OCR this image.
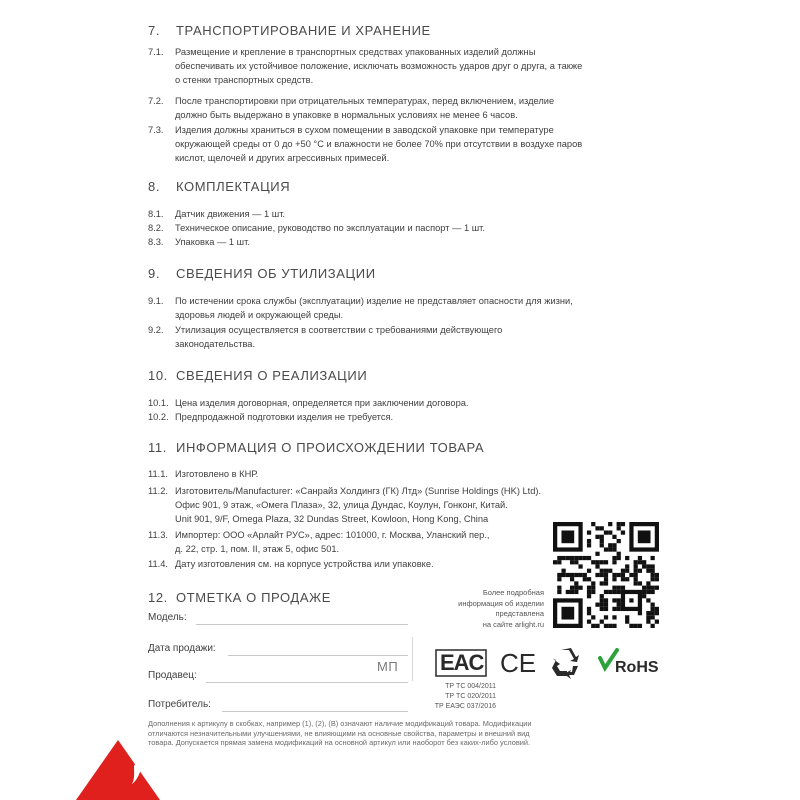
7. ТРАНСПОРТИРОВАНИЕ И ХРАНЕНИЕ
8. КОМПЛЕКТАЦИЯ
9. СВЕДЕНИЯ ОБ УТИЛИЗАЦИИ
10. СВЕДЕНИЯ О РЕАЛИЗАЦИИ
11. ИНФОРМАЦИЯ О ПРОИСХОЖДЕНИИ ТОВАРА
12. ОТМЕТКА О ПРОДАЖЕ
7.1. Размещение и крепление в транспортных средствах упакованных изделий должны
обеспечивать их устойчивое положение, исключать возможность ударов друг о друга, а также
о стенки транспортных средств.
7.2. После транспортировки при отрицательных температурах, перед включением, изделие
должно быть выдержано в упаковке в нормальных условиях не менее 6 часов.
7.3. Изделия должны храниться в сухом помещении в заводской упаковке при температуре
окружающей среды от 0 до +50 °C и влажности не более 70% при отсутствии в воздухе паров
кислот, щелочей и других агрессивных примесей.
8.1. Датчик движения — 1 шт.
8.2. Техническое описание, руководство по эксплуатации и паспорт — 1 шт.
8.3. Упаковка — 1 шт.
9.1. По истечении срока службы (эксплуатации) изделие не представляет опасности для жизни,
здоровья людей и окружающей среды.
9.2. Утилизация осуществляется в соответствии с требованиями действующего
законодательства.
10.1. Цена изделия договорная, определяется при заключении договора.
10.2. Предпродажной подготовки изделия не требуется.
11.1. Изготовлено в КНР.
11.2. Изготовитель/Manufacturer: «Санрайз Холдингз (ГК) Лтд» (Sunrise Holdings (HK) Ltd).
Офис 901, 9 этаж, «Омега Плаза», 32, улица Дундас, Коулун, Гонконг, Китай.
Unit 901, 9/F, Omega Plaza, 32 Dundas Street, Kowloon, Hong Kong, China
11.3. Импортер: ООО «Арлайт РУС», адрес: 101000, г. Москва, Уланский пер.,
д. 22, стр. 1, пом. II, этаж 5, офис 501.
11.4. Дату изготовления см. на корпусе устройства или упаковке.
Модель:
Дата продажи:
Продавец:
Потребитель:
МП
Более подробная
информация об изделии
представлена
на сайте arlight.ru
EAC CE	RoHS
ТР ТС 004/2011
ТР ТС 020/2011
ТР ЕАЭС 037/2016
Дополнения к артикулу в скобках, например (1), (2), (B) означают наличие модификаций товара. Модификации
отличаются незначительными улучшениями, не влияющими на основные свойства, параметры и внешний вид
товара. Допускается прямая замена модификаций на основной артикул или наоборот без каких-либо условий.
